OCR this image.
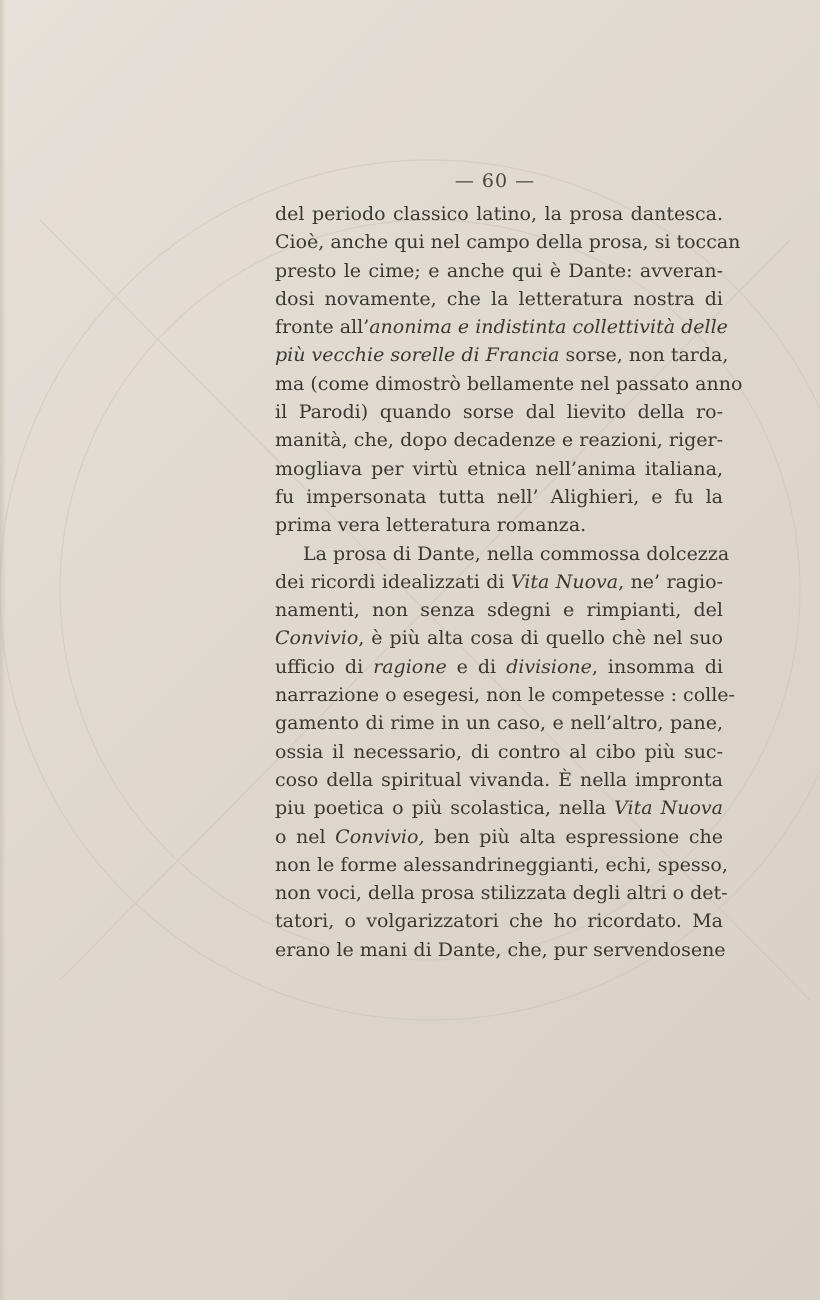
— 60 —
del periodo classico latino, la prosa dantesca.
Cioè, anche qui nel campo della prosa, si toccan
presto le cime; e anche qui è Dante: avveran-
dosi novamente, che la letteratura nostra di
fronte all’anonima e indistinta collettività delle
più vecchie sorelle di Francia sorse, non tarda,
ma (come dimostrò bellamente nel passato anno
il Parodi) quando sorse dal lievito della ro-
manità, che, dopo decadenze e reazioni, riger-
mogliava per virtù etnica nell’anima italiana,
fu impersonata tutta nell’ Alighieri, e fu la
prima vera letteratura romanza.
La prosa di Dante, nella commossa dolcezza
dei ricordi idealizzati di Vita Nuova, ne’ ragio-
namenti, non senza sdegni e rimpianti, del
Convivio, è più alta cosa di quello chè nel suo
ufficio di ragione e di divisione, insomma di
narrazione o esegesi, non le competesse : colle-
gamento di rime in un caso, e nell’altro, pane,
ossia il necessario, di contro al cibo più suc-
coso della spiritual vivanda. È nella impronta
piu poetica o più scolastica, nella Vita Nuova
o nel Convivio, ben più alta espressione che
non le forme alessandrineggianti, echi, spesso,
non voci, della prosa stilizzata degli altri o det-
tatori, o volgarizzatori che ho ricordato. Ma
erano le mani di Dante, che, pur servendosene
